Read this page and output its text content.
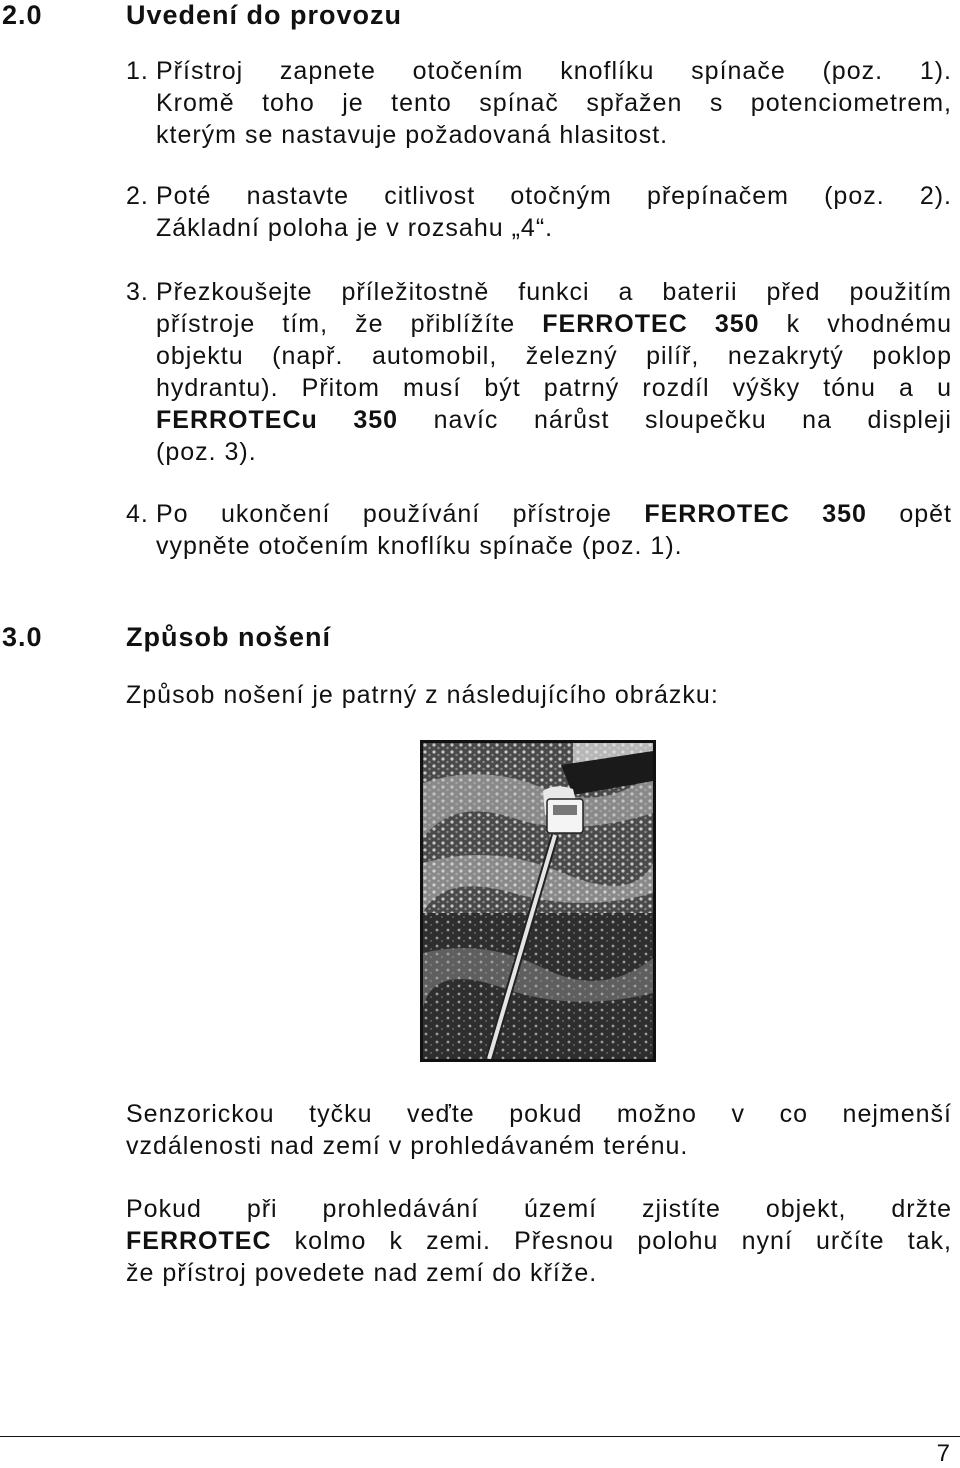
2.0	Uvedení do provozu
1. Přístroj zapnete otočením knoflíku spínače (poz. 1).
Kromě toho je tento spínač spřažen s potenciometrem,
kterým se nastavuje požadovaná hlasitost.
2. Poté nastavte citlivost otočným přepínačem (poz. 2).
Základní poloha je v rozsahu „4“.
3. Přezkoušejte příležitostně funkci a baterii před použitím
přístroje tím, že přiblížíte FERROTEC 350 k vhodnému
objektu (např. automobil, železný pilíř, nezakrytý poklop
hydrantu). Přitom musí být patrný rozdíl výšky tónu a u
FERROTECu 350 navíc nárůst sloupečku na displeji
(poz. 3).
4. Po ukončení používání přístroje FERROTEC 350 opět
vypněte otočením knoflíku spínače (poz. 1).
3.0	Způsob nošení
Způsob nošení je patrný z následujícího obrázku:
Senzorickou tyčku veďte pokud možno v co nejmenší
vzdálenosti nad zemí v prohledávaném terénu.
Pokud při prohledávání území zjistíte objekt, držte
FERROTEC kolmo k zemi. Přesnou polohu nyní určíte tak,
že přístroj povedete nad zemí do kříže.
7
